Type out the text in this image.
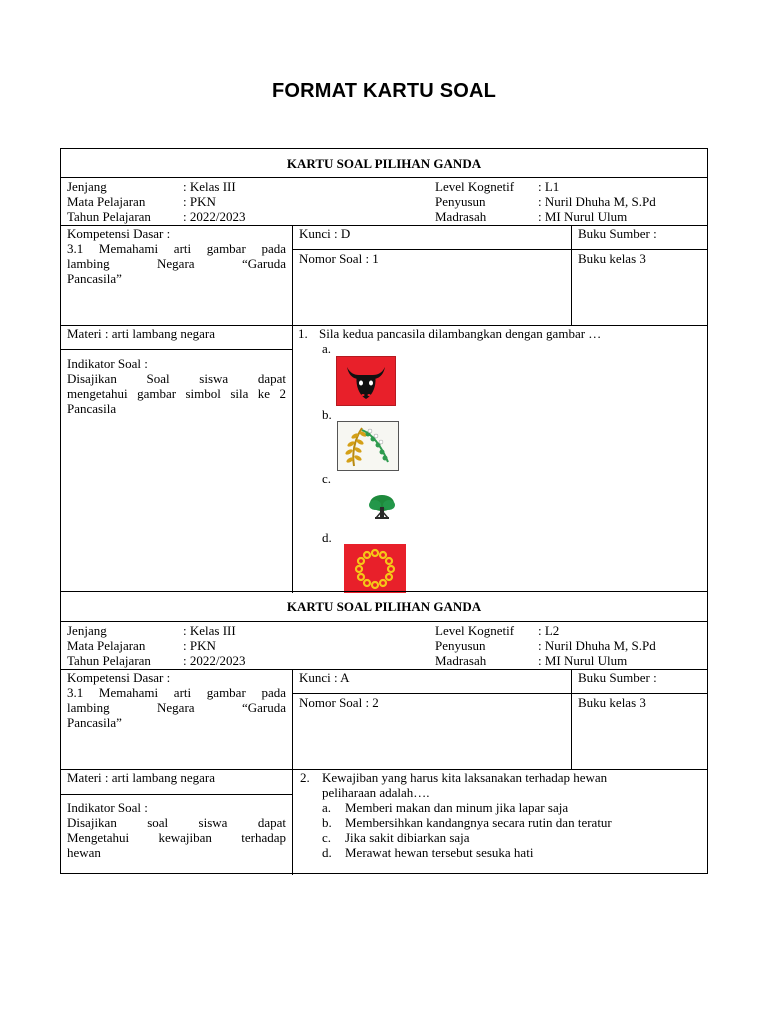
FORMAT KARTU SOAL
KARTU SOAL PILIHAN GANDA
Jenjang	: Kelas III
Mata Pelajaran	: PKN
Tahun Pelajaran : 2022/2023
Level Kognetif : L1
Penyusun	: Nuril Dhuha M, S.Pd
Madrasah	: MI Nurul Ulum
Kompetensi Dasar :
3.1 Memahami arti gambar pada
lambing Negara “Garuda
Pancasila”
Kunci : D	Buku Sumber :
Nomor Soal : 1	Buku kelas 3
Materi : arti lambang negara
Indikator Soal :
Disajikan Soal siswa dapat
mengetahui gambar simbol sila ke 2
Pancasila
1. Sila kedua pancasila dilambangkan dengan gambar …
a.
b.
c.
d.
KARTU SOAL PILIHAN GANDA
Jenjang	: Kelas III
Mata Pelajaran	: PKN
Tahun Pelajaran : 2022/2023
Level Kognetif : L2
Penyusun	: Nuril Dhuha M, S.Pd
Madrasah	: MI Nurul Ulum
Kompetensi Dasar :
3.1 Memahami arti gambar pada
lambing Negara “Garuda
Pancasila”
Kunci : A	Buku Sumber :
Nomor Soal : 2	Buku kelas 3
Materi : arti lambang negara
Indikator Soal :
Disajikan soal siswa dapat
Mengetahui kewajiban terhadap
hewan
2. Kewajiban yang harus kita laksanakan terhadap hewan
peliharaan adalah….
a. Memberi makan dan minum jika lapar saja
b. Membersihkan kandangnya secara rutin dan teratur
c. Jika sakit dibiarkan saja
d. Merawat hewan tersebut sesuka hati
